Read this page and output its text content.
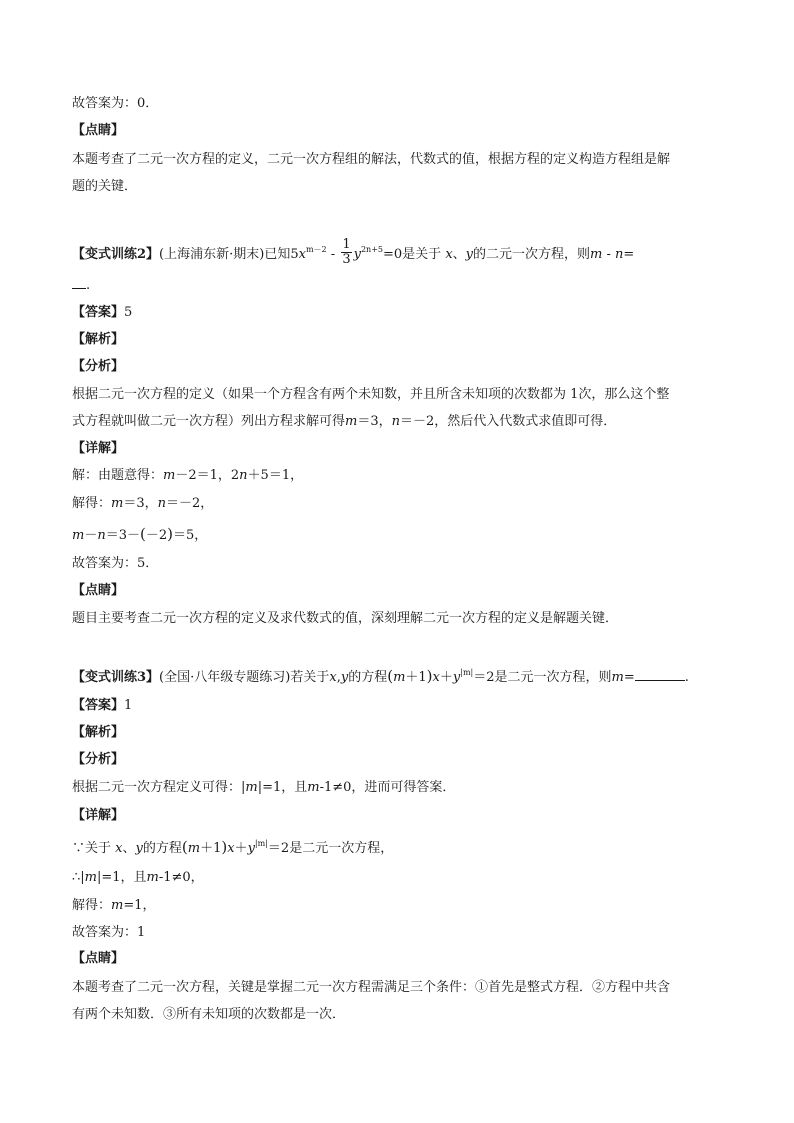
故答案为：0．
【点睛】
本题考查了二元一次方程的定义，二元一次方程组的解法，代数式的值，根据方程的定义构造方程组是解
题的关键．
【变式训练2】(上海浦东新·期末)已知$5x^{m-2} - \frac{1}{3} y^{2n+5}=0$是关于 x、y的二元一次方程，则m - n=
.
【答案】5
【解析】
【分析】
根据二元一次方程的定义（如果一个方程含有两个未知数，并且所含未知项的次数都为 1次，那么这个整
式方程就叫做二元一次方程）列出方程求解可得m＝3，n＝－2，然后代入代数式求值即可得．
【详解】
解：由题意得：m－2＝1，2n＋5＝1，
解得：m＝3，n＝－2，
m－n＝3－(－2)＝5，
故答案为：5．
【点睛】
题目主要考查二元一次方程的定义及求代数式的值，深刻理解二元一次方程的定义是解题关键．
【变式训练3】(全国·八年级专题练习)若关于x,y的方程$(m+1)x+y^{|m|}=2$是二元一次方程，则m=	.
【答案】1
【解析】
【分析】
根据二元一次方程定义可得：|m|=1，且m-1≠0，进而可得答案．
【详解】
∵关于 x、y的方程$(m+1)x+y^{|m|}=2$是二元一次方程，
∴|m|=1，且m-1≠0，
解得：m=1，
故答案为：1
【点睛】
本题考查了二元一次方程，关键是掌握二元一次方程需满足三个条件：①首先是整式方程．②方程中共含
有两个未知数．③所有未知项的次数都是一次．
